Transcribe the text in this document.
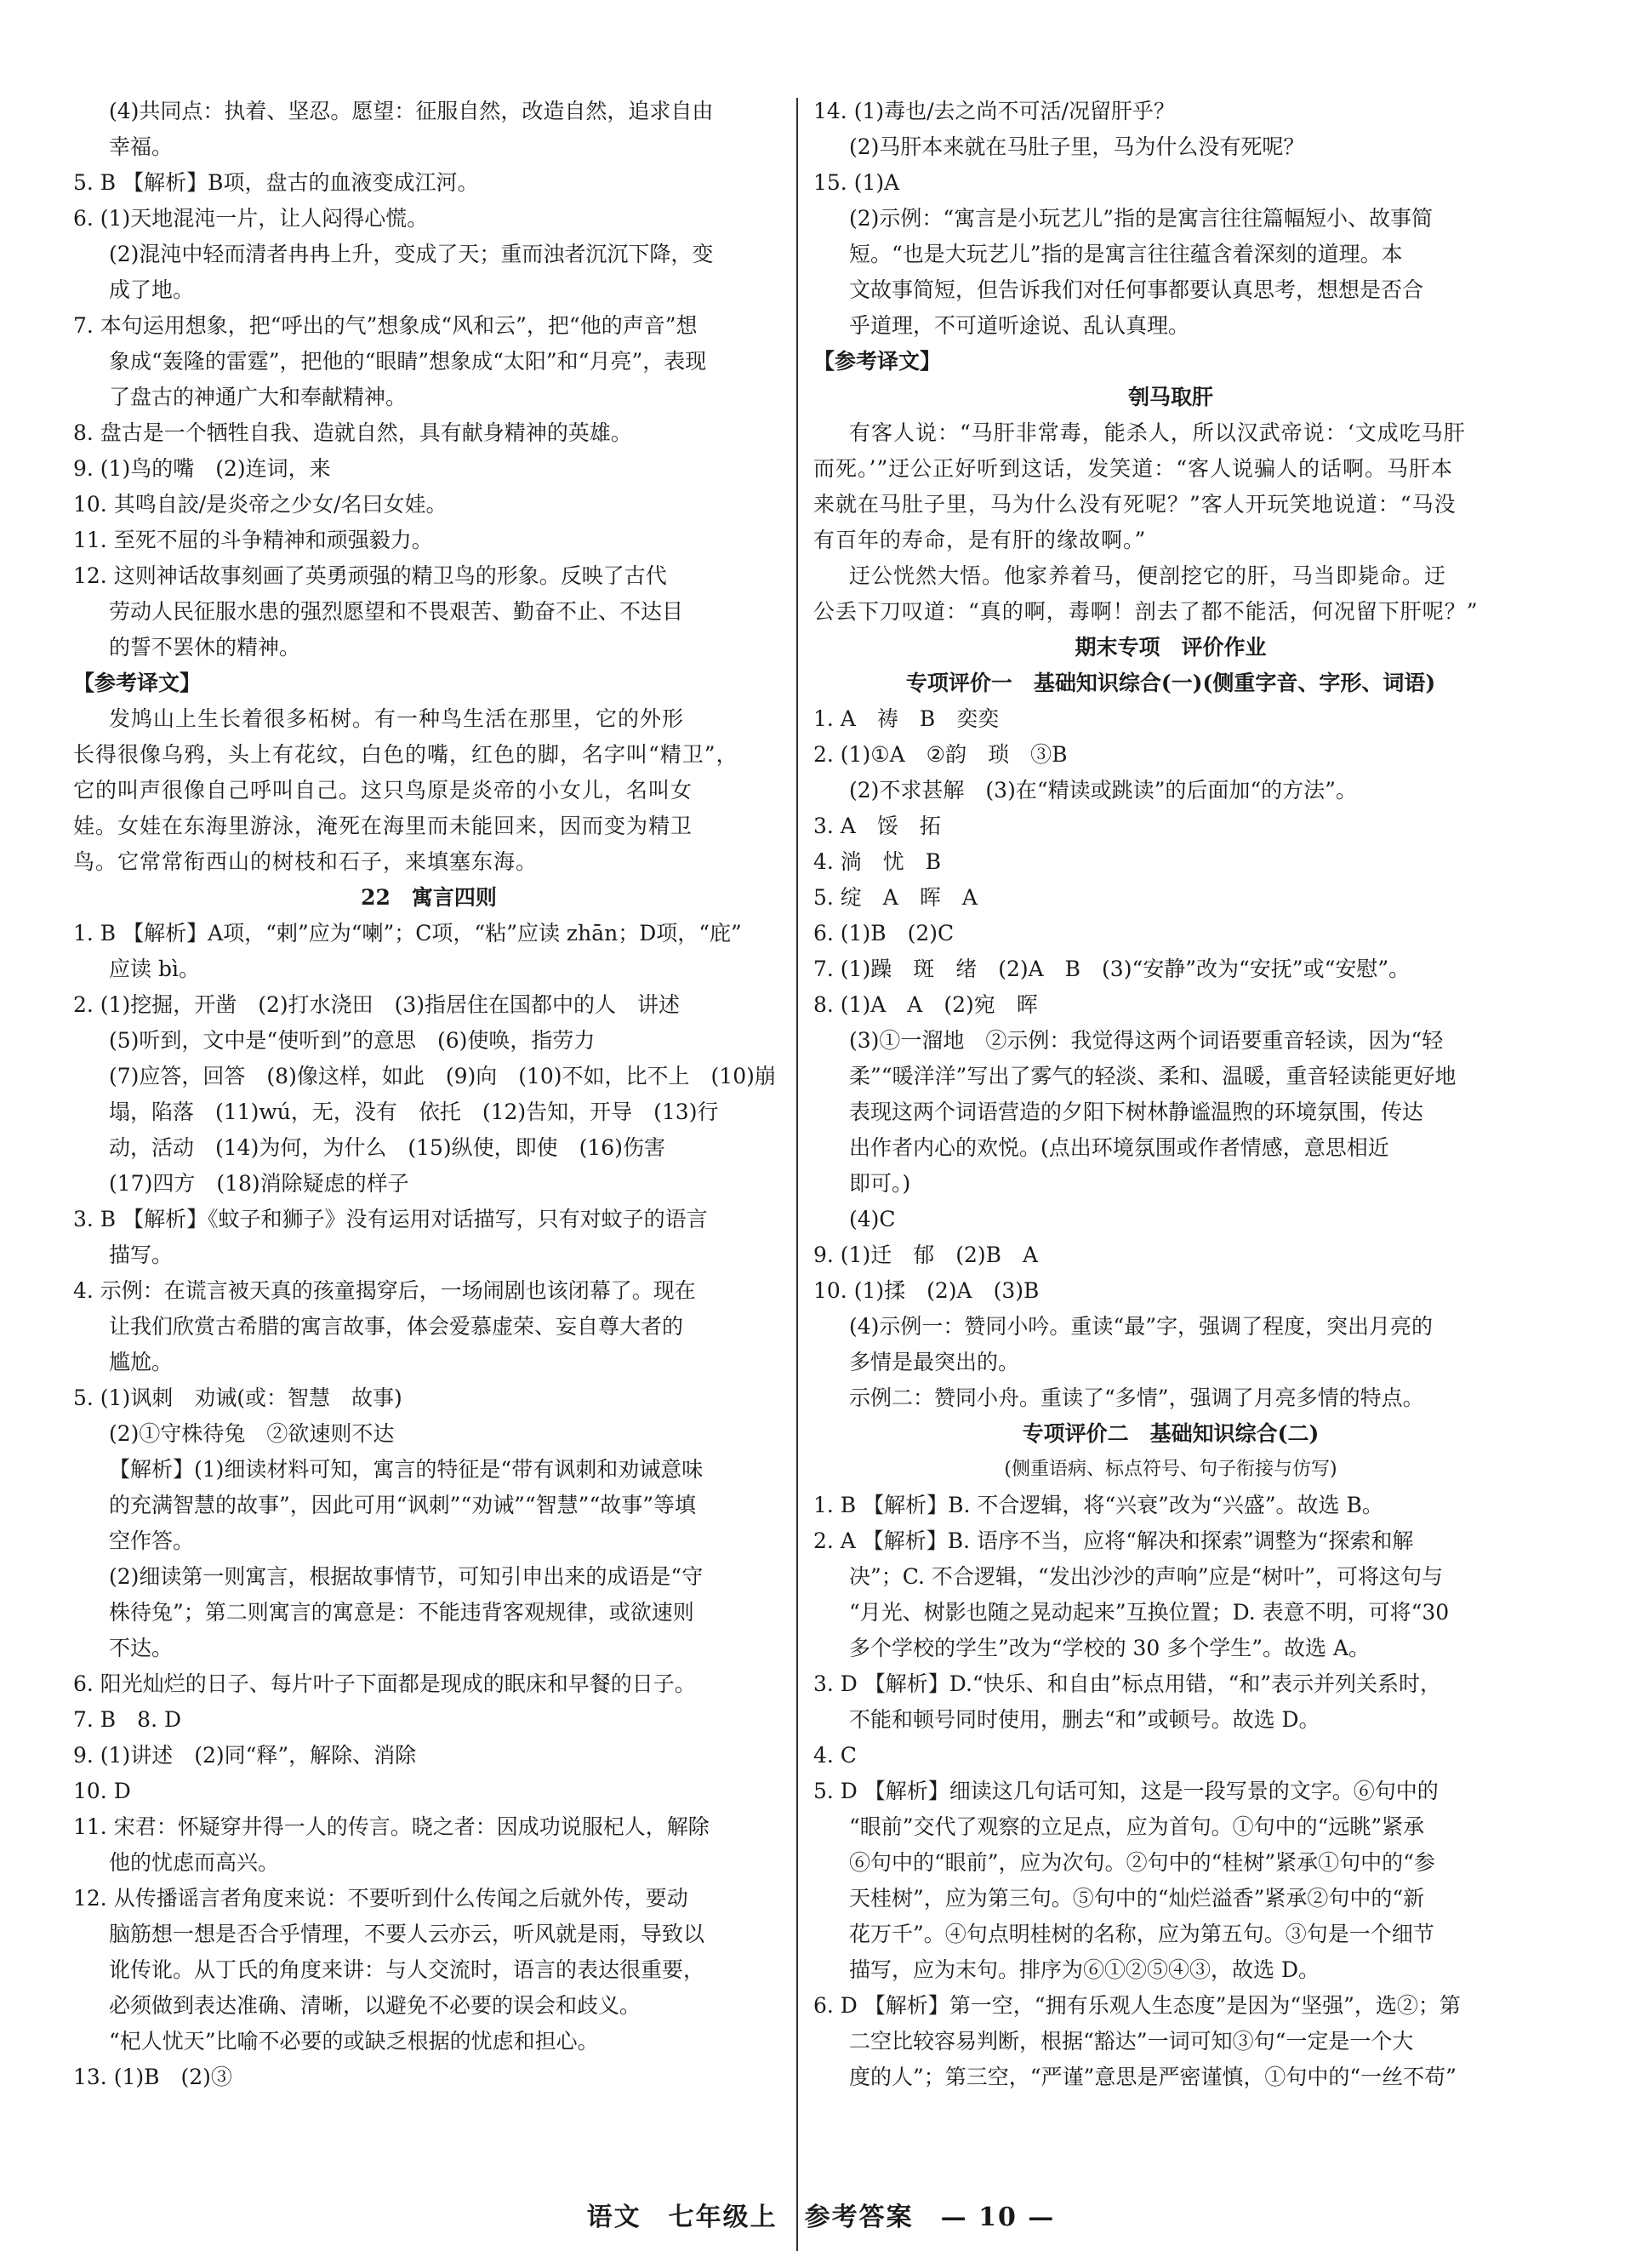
(4)共同点：执着、坚忍。愿望：征服自然，改造自然，追求自由

幸福。

5. B 【解析】B项，盘古的血液变成江河。

6. (1)天地混沌一片，让人闷得心慌。

(2)混沌中轻而清者冉冉上升，变成了天；重而浊者沉沉下降，变

成了地。

7. 本句运用想象，把“呼出的气”想象成“风和云”，把“他的声音”想

象成“轰隆的雷霆”，把他的“眼睛”想象成“太阳”和“月亮”，表现

了盘古的神通广大和奉献精神。

8. 盘古是一个牺牲自我、造就自然，具有献身精神的英雄。

9. (1)鸟的嘴　(2)连词，来

10. 其鸣自詨/是炎帝之少女/名曰女娃。

11. 至死不屈的斗争精神和顽强毅力。

12. 这则神话故事刻画了英勇顽强的精卫鸟的形象。反映了古代

劳动人民征服水患的强烈愿望和不畏艰苦、勤奋不止、不达目

的誓不罢休的精神。

【参考译文】

发鸠山上生长着很多柘树。有一种鸟生活在那里，它的外形

长得很像乌鸦，头上有花纹，白色的嘴，红色的脚，名字叫“精卫”，

它的叫声很像自己呼叫自己。这只鸟原是炎帝的小女儿，名叫女

娃。女娃在东海里游泳，淹死在海里而未能回来，因而变为精卫

鸟。它常常衔西山的树枝和石子，来填塞东海。

22　寓言四则

1. B 【解析】A项，“剌”应为“喇”；C项，“粘”应读 zhān；D项，“庇”

应读 bì。

2. (1)挖掘，开凿　(2)打水浇田　(3)指居住在国都中的人　讲述

(5)听到，文中是“使听到”的意思　(6)使唤，指劳力

(7)应答，回答　(8)像这样，如此　(9)向　(10)不如，比不上　(10)崩

塌，陷落　(11)wú，无，没有　依托　(12)告知，开导　(13)行

动，活动　(14)为何，为什么　(15)纵使，即使　(16)伤害

(17)四方　(18)消除疑虑的样子

3. B 【解析】《蚊子和狮子》没有运用对话描写，只有对蚊子的语言

描写。

4. 示例：在谎言被天真的孩童揭穿后，一场闹剧也该闭幕了。现在

让我们欣赏古希腊的寓言故事，体会爱慕虚荣、妄自尊大者的

尴尬。

5. (1)讽刺　劝诫(或：智慧　故事)

(2)①守株待兔　②欲速则不达

【解析】(1)细读材料可知，寓言的特征是“带有讽刺和劝诫意味

的充满智慧的故事”，因此可用“讽刺”“劝诫”“智慧”“故事”等填

空作答。

(2)细读第一则寓言，根据故事情节，可知引申出来的成语是“守

株待兔”；第二则寓言的寓意是：不能违背客观规律，或欲速则

不达。

6. 阳光灿烂的日子、每片叶子下面都是现成的眠床和早餐的日子。

7. B　8. D

9. (1)讲述　(2)同“释”，解除、消除

10. D

11. 宋君：怀疑穿井得一人的传言。晓之者：因成功说服杞人，解除

他的忧虑而高兴。

12. 从传播谣言者角度来说：不要听到什么传闻之后就外传，要动

脑筋想一想是否合乎情理，不要人云亦云，听风就是雨，导致以

讹传讹。从丁氏的角度来讲：与人交流时，语言的表达很重要，

必须做到表达准确、清晰，以避免不必要的误会和歧义。

“杞人忧天”比喻不必要的或缺乏根据的忧虑和担心。

13. (1)B　(2)③

14. (1)毒也/去之尚不可活/况留肝乎？

(2)马肝本来就在马肚子里，马为什么没有死呢？

15. (1)A

(2)示例：“寓言是小玩艺儿”指的是寓言往往篇幅短小、故事简

短。“也是大玩艺儿”指的是寓言往往蕴含着深刻的道理。本

文故事简短，但告诉我们对任何事都要认真思考，想想是否合

乎道理，不可道听途说、乱认真理。

【参考译文】

刳马取肝

有客人说：“马肝非常毒，能杀人，所以汉武帝说：‘文成吃马肝

而死。’”迂公正好听到这话，发笑道：“客人说骗人的话啊。马肝本

来就在马肚子里，马为什么没有死呢？”客人开玩笑地说道：“马没

有百年的寿命，是有肝的缘故啊。”

迂公恍然大悟。他家养着马，便剖挖它的肝，马当即毙命。迂

公丢下刀叹道：“真的啊，毒啊！剖去了都不能活，何况留下肝呢？”

期末专项　评价作业

专项评价一　基础知识综合(一)(侧重字音、字形、词语)

1. A　祷　B　奕奕

2. (1)①A　②韵　琐　③B

(2)不求甚解　(3)在“精读或跳读”的后面加“的方法”。

3. A　馁　拓

4. 淌　忧　B

5. 绽　A　晖　A

6. (1)B　(2)C

7. (1)躁　斑　绪　(2)A　B　(3)“安静”改为“安抚”或“安慰”。

8. (1)A　A　(2)宛　晖

(3)①一溜地　②示例：我觉得这两个词语要重音轻读，因为“轻

柔”“暖洋洋”写出了雾气的轻淡、柔和、温暖，重音轻读能更好地

表现这两个词语营造的夕阳下树林静谧温煦的环境氛围，传达

出作者内心的欢悦。(点出环境氛围或作者情感，意思相近

即可。)

(4)C

9. (1)迁　郁　(2)B　A

10. (1)揉　(2)A　(3)B

(4)示例一：赞同小吟。重读“最”字，强调了程度，突出月亮的

多情是最突出的。

示例二：赞同小舟。重读了“多情”，强调了月亮多情的特点。

专项评价二　基础知识综合(二)

(侧重语病、标点符号、句子衔接与仿写)

1. B 【解析】B. 不合逻辑，将“兴衰”改为“兴盛”。故选 B。

2. A 【解析】B. 语序不当，应将“解决和探索”调整为“探索和解

决”；C. 不合逻辑，“发出沙沙的声响”应是“树叶”，可将这句与

“月光、树影也随之晃动起来”互换位置；D. 表意不明，可将“30

多个学校的学生”改为“学校的 30 多个学生”。故选 A。

3. D 【解析】D.“快乐、和自由”标点用错，“和”表示并列关系时，

不能和顿号同时使用，删去“和”或顿号。故选 D。

4. C

5. D 【解析】细读这几句话可知，这是一段写景的文字。⑥句中的

“眼前”交代了观察的立足点，应为首句。①句中的“远眺”紧承

⑥句中的“眼前”，应为次句。②句中的“桂树”紧承①句中的“参

天桂树”，应为第三句。⑤句中的“灿烂溢香”紧承②句中的“新

花万千”。④句点明桂树的名称，应为第五句。③句是一个细节

描写，应为末句。排序为⑥①②⑤④③，故选 D。

6. D 【解析】第一空，“拥有乐观人生态度”是因为“坚强”，选②；第

二空比较容易判断，根据“豁达”一词可知③句“一定是一个大

度的人”；第三空，“严谨”意思是严密谨慎，①句中的“一丝不苟”

语文　七年级上　参考答案　— 10 —
